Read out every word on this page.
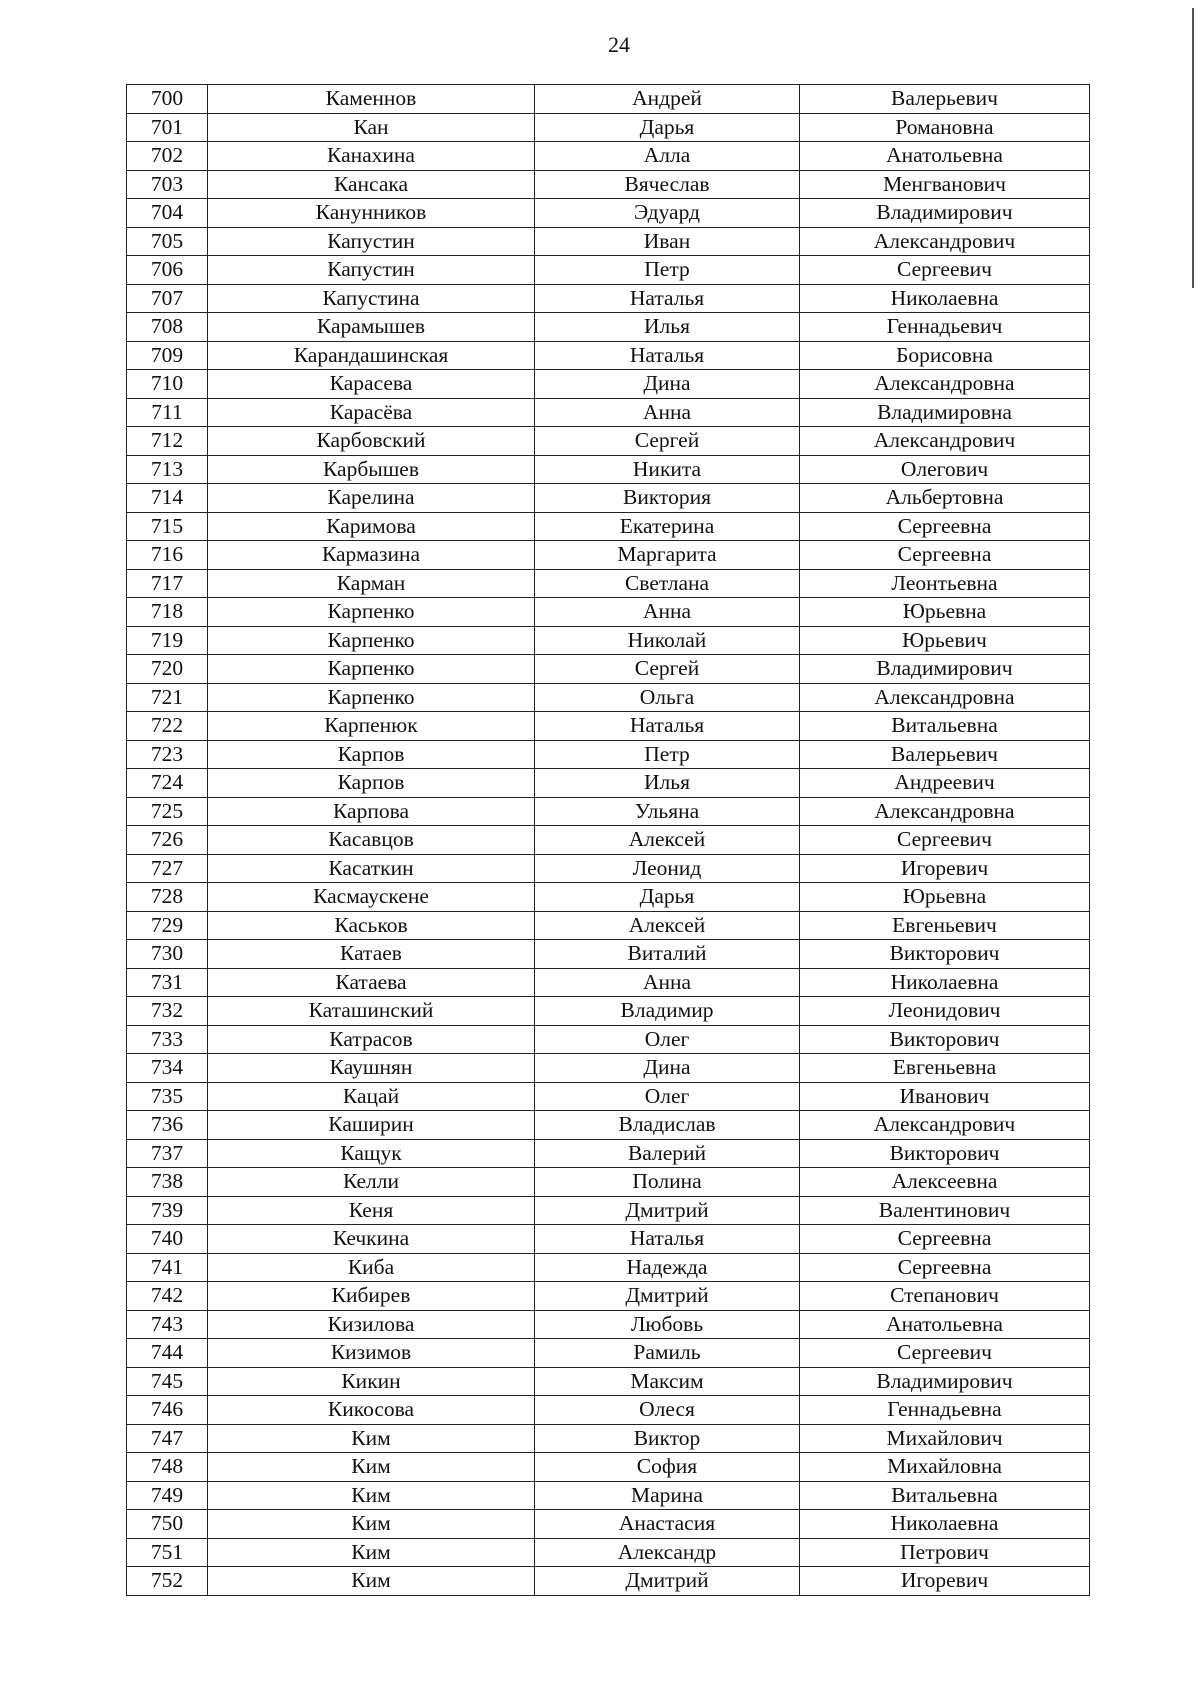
24
700	Каменнов	Андрей	Валерьевич
701	Кан	Дарья	Романовна
702	Канахина	Алла	Анатольевна
703	Кансака	Вячеслав	Менгванович
704	Канунников	Эдуард	Владимирович
705	Капустин	Иван	Александрович
706	Капустин	Петр	Сергеевич
707	Капустина	Наталья	Николаевна
708	Карамышев	Илья	Геннадьевич
709	Карандашинская	Наталья	Борисовна
710	Карасева	Дина	Александровна
711	Карасёва	Анна	Владимировна
712	Карбовский	Сергей	Александрович
713	Карбышев	Никита	Олегович
714	Карелина	Виктория	Альбертовна
715	Каримова	Екатерина	Сергеевна
716	Кармазина	Маргарита	Сергеевна
717	Карман	Светлана	Леонтьевна
718	Карпенко	Анна	Юрьевна
719	Карпенко	Николай	Юрьевич
720	Карпенко	Сергей	Владимирович
721	Карпенко	Ольга	Александровна
722	Карпенюк	Наталья	Витальевна
723	Карпов	Петр	Валерьевич
724	Карпов	Илья	Андреевич
725	Карпова	Ульяна	Александровна
726	Касавцов	Алексей	Сергеевич
727	Касаткин	Леонид	Игоревич
728	Касмаускене	Дарья	Юрьевна
729	Каськов	Алексей	Евгеньевич
730	Катаев	Виталий	Викторович
731	Катаева	Анна	Николаевна
732	Каташинский	Владимир	Леонидович
733	Катрасов	Олег	Викторович
734	Каушнян	Дина	Евгеньевна
735	Кацай	Олег	Иванович
736	Каширин	Владислав	Александрович
737	Кащук	Валерий	Викторович
738	Келли	Полина	Алексеевна
739	Кеня	Дмитрий	Валентинович
740	Кечкина	Наталья	Сергеевна
741	Киба	Надежда	Сергеевна
742	Кибирев	Дмитрий	Степанович
743	Кизилова	Любовь	Анатольевна
744	Кизимов	Рамиль	Сергеевич
745	Кикин	Максим	Владимирович
746	Кикосова	Олеся	Геннадьевна
747	Ким	Виктор	Михайлович
748	Ким	София	Михайловна
749	Ким	Марина	Витальевна
750	Ким	Анастасия	Николаевна
751	Ким	Александр	Петрович
752	Ким	Дмитрий	Игоревич
